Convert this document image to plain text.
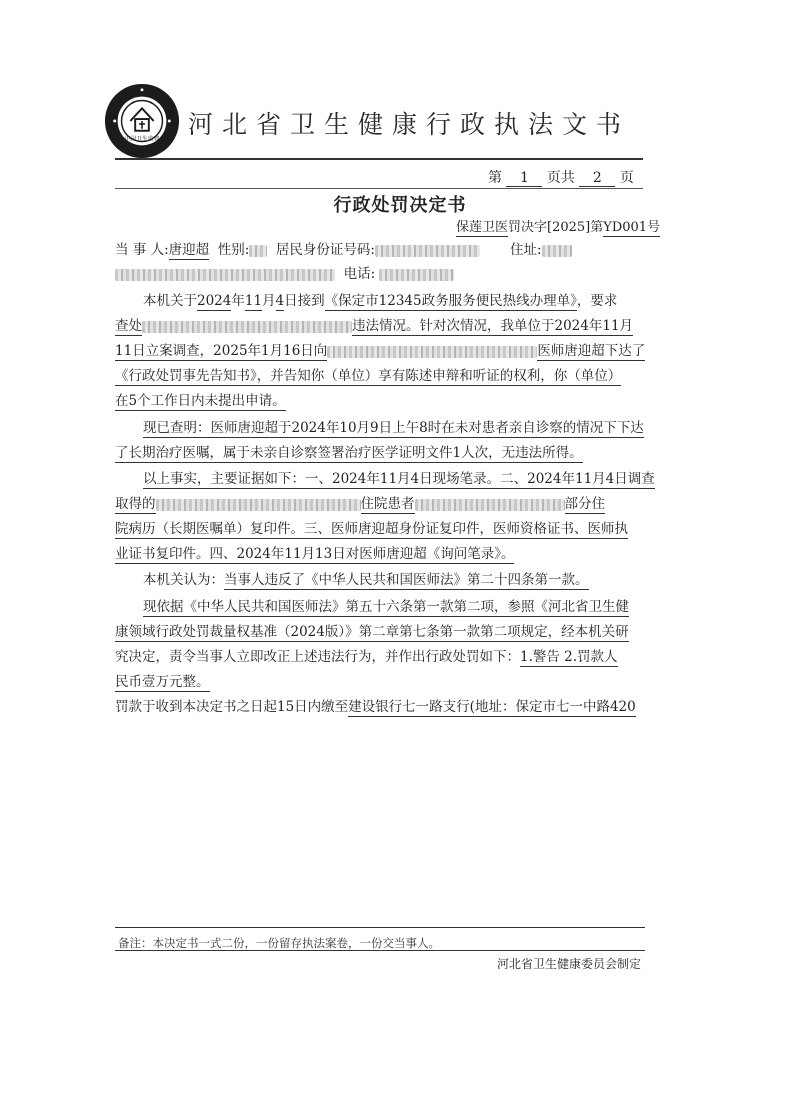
中国卫生监督
河北省卫生健康行政执法文书
第 1 页共 2 页
行政处罚决定书
保莲卫医罚决字[2025]第YD001号
当 事 人:唐迎超 性别: 居民身份证号码:	住址:
电话:
本机关于2024年11月4日接到《保定市12345政务服务便民热线办理单》，要求
查处	违法情况。针对次情况，我单位于2024年11月
11日立案调查，2025年1月16日向	医师唐迎超下达了
《行政处罚事先告知书》，并告知你（单位）享有陈述申辩和听证的权利，你（单位）
在5个工作日内未提出申请。
现已查明：医师唐迎超于2024年10月9日上午8时在未对患者亲自诊察的情况下下达
了长期治疗医嘱，属于未亲自诊察签署治疗医学证明文件1人次，无违法所得。
以上事实，主要证据如下：一、2024年11月4日现场笔录。二、2024年11月4日调查
取得的	住院患者	部分住
院病历（长期医嘱单）复印件。三、医师唐迎超身份证复印件，医师资格证书、医师执
业证书复印件。四、2024年11月13日对医师唐迎超《询问笔录》。
本机关认为：当事人违反了《中华人民共和国医师法》第二十四条第一款。
现依据《中华人民共和国医师法》第五十六条第一款第二项，参照《河北省卫生健
康领域行政处罚裁量权基准（2024版）》第二章第七条第一款第二项规定，经本机关研
究决定，责令当事人立即改正上述违法行为，并作出行政处罚如下：1.警告 2.罚款人
民币壹万元整。
罚款于收到本决定书之日起15日内缴至建设银行七一路支行(地址：保定市七一中路420
备注：本决定书一式二份，一份留存执法案卷，一份交当事人。
河北省卫生健康委员会制定
